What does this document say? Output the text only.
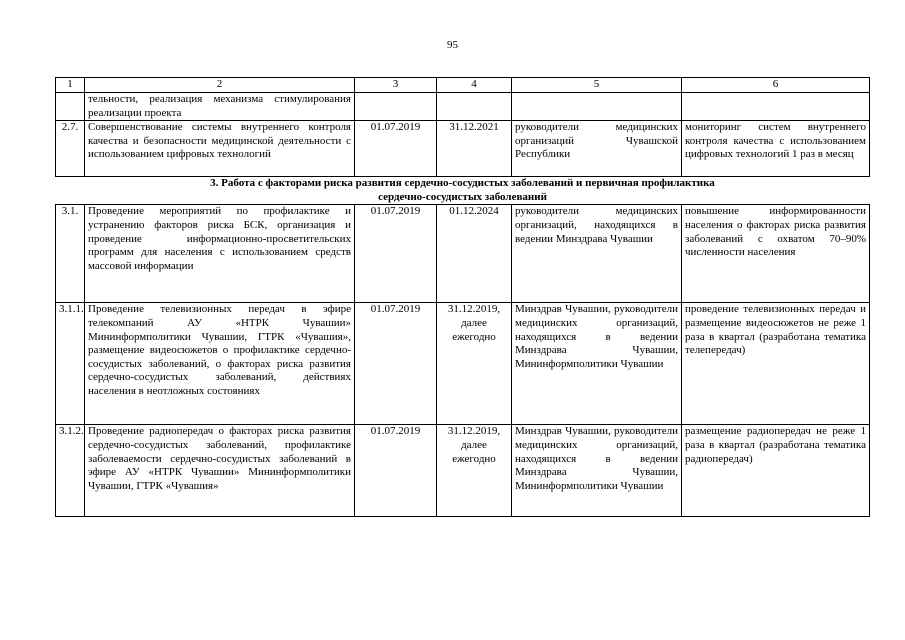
95
1	2	3	4	5	6
	тельности, реализация механизма стимулирования реализации проекта				
2.7.	Совершенствование системы внутреннего контроля качества и безопасности медицинской деятельности с использованием цифровых технологий	01.07.2019	31.12.2021	руководители медицинских организаций Чувашской Республики	мониторинг систем внутреннего контроля качества с использованием цифровых технологий 1 раз в месяц
3. Работа с факторами риска развития сердечно-сосудистых заболеваний и первичная профилактика сердечно-сосудистых заболеваний					
3.1.	Проведение мероприятий по профилактике и устранению факторов риска БСК, организация и проведение информационно-просветительских программ для населения с использованием средств массовой информации	01.07.2019	01.12.2024	руководители медицинских организаций, находящихся в ведении Минздрава Чувашии	повышение информированности населения о факторах риска развития заболеваний с охватом 70–90% численности населения
3.1.1.	Проведение телевизионных передач в эфире телекомпаний АУ «НТРК Чувашии» Мининформполитики Чувашии, ГТРК «Чувашия», размещение видеосюжетов о профилактике сердечно-сосудистых заболеваний, о факторах риска развития сердечно-сосудистых заболеваний, действиях населения в неотложных состояниях	01.07.2019	31.12.2019, далее ежегодно	Минздрав Чувашии, руководители медицинских организаций, находящихся в ведении Минздрава Чувашии, Мининформполитики Чувашии	проведение телевизионных передач и размещение видеосюжетов не реже 1 раза в квартал (разработана тематика телепередач)
3.1.2.	Проведение радиопередач о факторах риска развития сердечно-сосудистых заболеваний, профилактике заболеваемости сердечно-сосудистых заболеваний в эфире АУ «НТРК Чувашии» Мининформполитики Чувашии, ГТРК «Чувашия»	01.07.2019	31.12.2019, далее ежегодно	Минздрав Чувашии, руководители медицинских организаций, находящихся в ведении Минздрава Чувашии, Мининформполитики Чувашии	размещение радиопередач не реже 1 раза в квартал (разработана тематика радиопередач)
